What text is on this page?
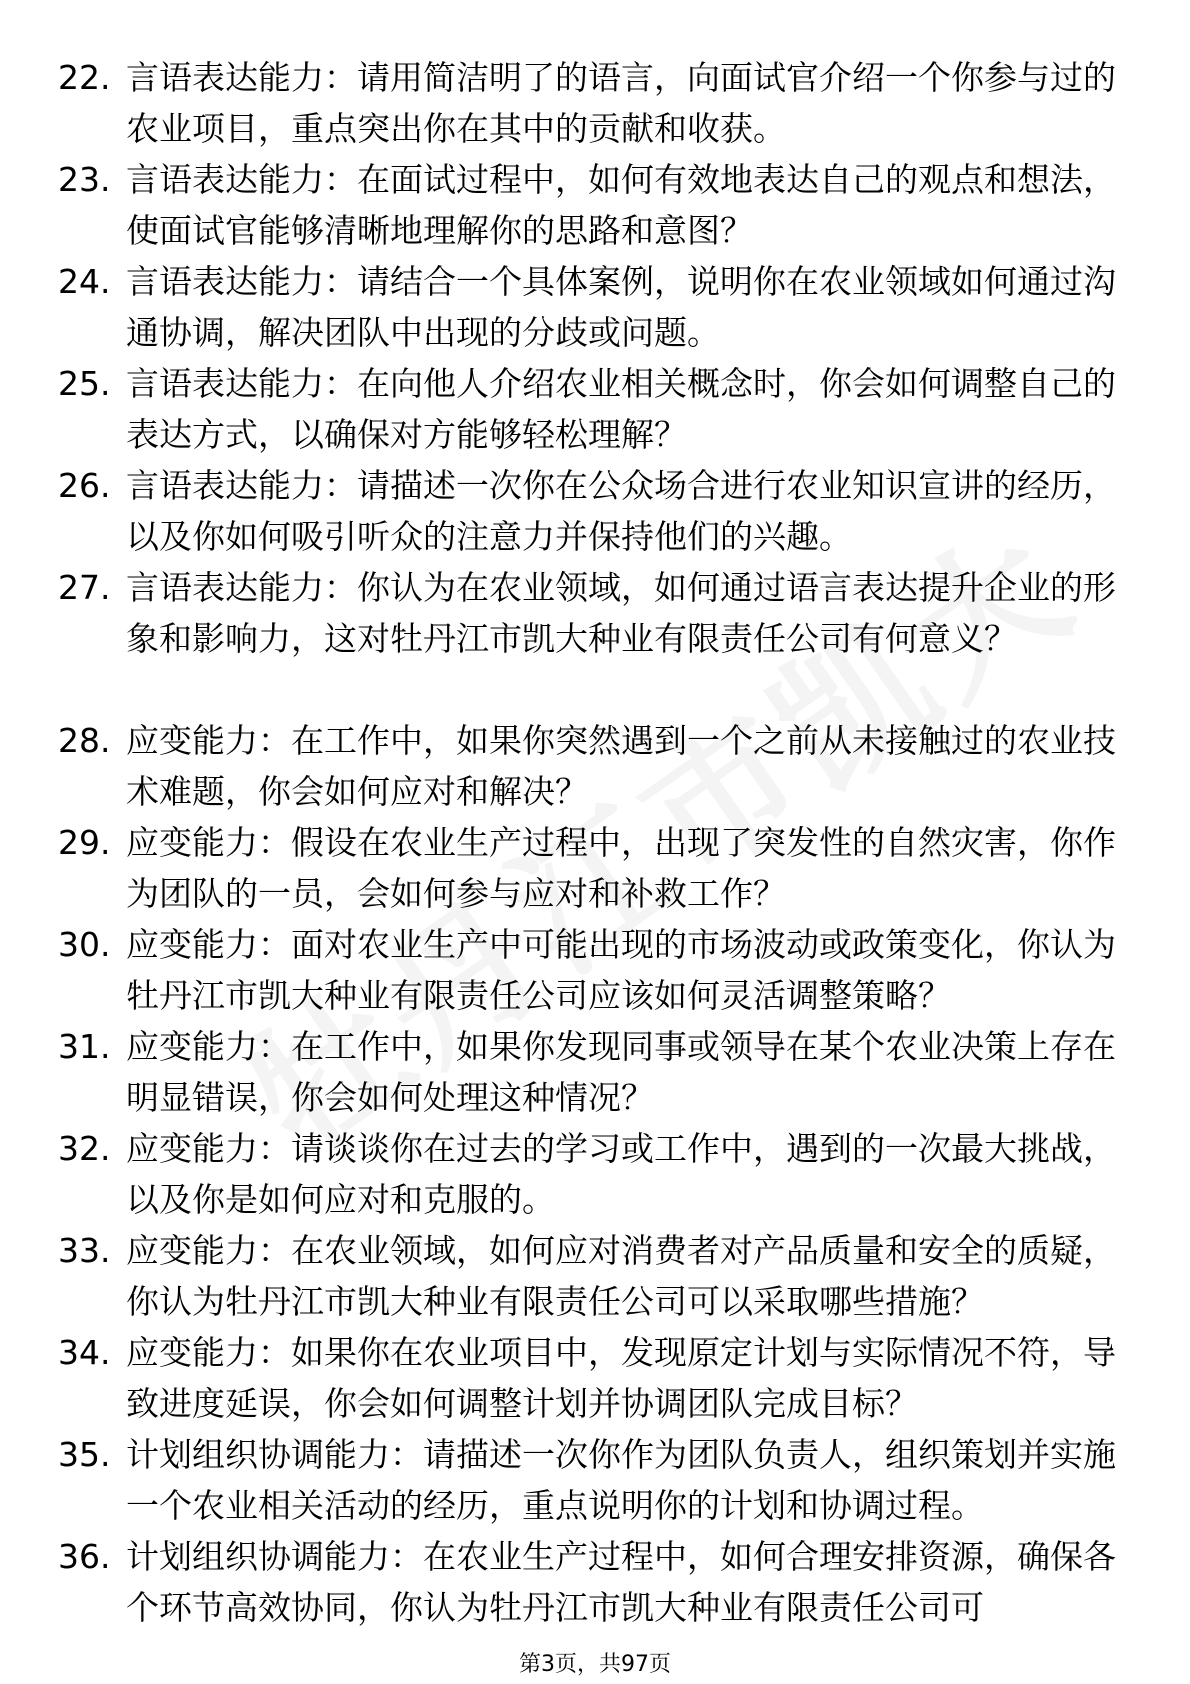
22. 言语表达能力：请用简洁明了的语言，向面试官介绍一个你参与过的农业项目，重点突出你在其中的贡献和收获。
23. 言语表达能力：在面试过程中，如何有效地表达自己的观点和想法，使面试官能够清晰地理解你的思路和意图？
24. 言语表达能力：请结合一个具体案例，说明你在农业领域如何通过沟通协调，解决团队中出现的分歧或问题。
25. 言语表达能力：在向他人介绍农业相关概念时，你会如何调整自己的表达方式，以确保对方能够轻松理解？
26. 言语表达能力：请描述一次你在公众场合进行农业知识宣讲的经历，以及你如何吸引听众的注意力并保持他们的兴趣。
27. 言语表达能力：你认为在农业领域，如何通过语言表达提升企业的形象和影响力，这对牡丹江市凯大种业有限责任公司有何意义？
28. 应变能力：在工作中，如果你突然遇到一个之前从未接触过的农业技术难题，你会如何应对和解决？
29. 应变能力：假设在农业生产过程中，出现了突发性的自然灾害，你作为团队的一员，会如何参与应对和补救工作？
30. 应变能力：面对农业生产中可能出现的市场波动或政策变化，你认为牡丹江市凯大种业有限责任公司应该如何灵活调整策略？
31. 应变能力：在工作中，如果你发现同事或领导在某个农业决策上存在明显错误，你会如何处理这种情况？
32. 应变能力：请谈谈你在过去的学习或工作中，遇到的一次最大挑战，以及你是如何应对和克服的。
33. 应变能力：在农业领域，如何应对消费者对产品质量和安全的质疑，你认为牡丹江市凯大种业有限责任公司可以采取哪些措施？
34. 应变能力：如果你在农业项目中，发现原定计划与实际情况不符，导致进度延误，你会如何调整计划并协调团队完成目标？
35. 计划组织协调能力：请描述一次你作为团队负责人，组织策划并实施一个农业相关活动的经历，重点说明你的计划和协调过程。
36. 计划组织协调能力：在农业生产过程中，如何合理安排资源，确保各个环节高效协同，你认为牡丹江市凯大种业有限责任公司可
第3页，共97页
